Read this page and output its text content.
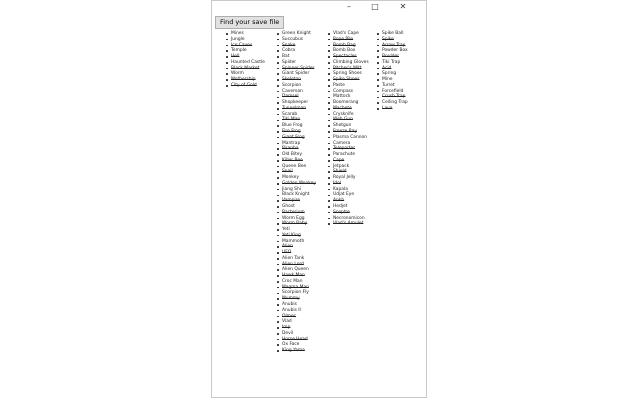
–	□	✕
Find your save file
Mines
Jungle
Ice Caves
Temple
Hell
Haunted Castle
Black Market
Worm
Mothership
City of Gold
Green Knight
Succubus
Snake
Cobra
Bat
Spider
Spinner Spider
Giant Spider
Skeleton
Scorpion
Caveman
Damsel
Shopkeeper
Tunnelman
Scarab
Tiki Man
Blue Frog
Fire Frog
Giant Frog
Mantrap
Piranha
Old Bitey
Killer Bee
Queen Bee
Snail
Monkey
Golden Monkey
Jiang Shi
Black Knight
Vampire
Ghost
Bacterium
Worm Egg
Worm Baby
Yeti
Yeti King
Mammoth
Alien
UFO
Alien Tank
Alien Lord
Alien Queen
Hawk Man
Croc Man
Magma Man
Scorpion Fly
Mummy
Anubis
Anubis II
Olmec
Vlad
Imp
Devil
Horse Head
Ox Face
King Yama
Vlad's Cape
Rope Pile
Bomb Bag
Bomb Box
Spectacles
Climbing Gloves
Pitcher's Mitt
Spring Shoes
Spike Shoes
Paste
Compass
Mattock
Boomerang
Machete
Crysknife
Web Gun
Shotgun
Freeze Ray
Plasma Cannon
Camera
Teleporter
Parachute
Cape
Jetpack
Shield
Royal Jelly
Idol
Kapala
Udjat Eye
Ankh
Hedjet
Sceptre
Necronomicon
Vlad's Amulet
Spike Ball
Spike
Arrow Trap
Powder Box
Boulder
Tiki Trap
Acid
Spring
Mine
Turret
Forcefield
Crush Trap
Ceiling Trap
Lava
